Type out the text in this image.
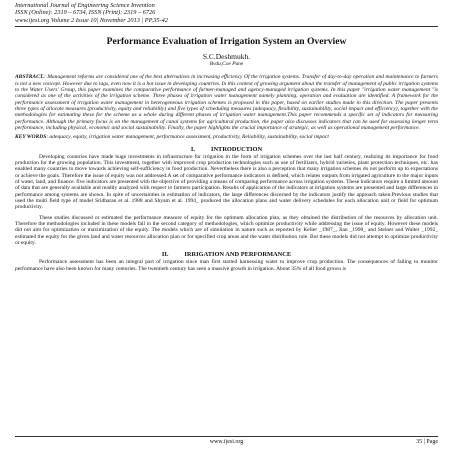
International Journal of Engineering Science Invention
ISSN (Online): 2319 – 6734, ISSN (Print): 2319 – 6726
www.ijesi.org Volume 2 Issue 10| November 2013 | PP.35-42
Performance Evaluation of Irrigation System an Overview
S.C.Deshmukh.
Bvdu,Coe Pune
ABSTRACT.: Management reforms are considered one of the best alternatives in increasing efficiency Of the irrigation systems. Transfer of day-to-day operation and maintenance to farmers is not a new concept. However due to lags, even now it is a hot issue in developing countries. In this context of growing argument about the transfer of management of public irrigation systems to the Water Users' Group, this paper examines the comparative performance of farmer-managed and agency-managed irrigation systems. In this paper "irrigation water management "is considered as one of the activities of the irrigation scheme. Three phases of irrigation water management namely planning, operation and evaluation are identified. A framework for the performance assessment of irrigation water management in heterogeneous irrigation schemes is proposed in this paper, based on earlier studies made in this direction. The paper presents three types of allocate measures (productivity, equity and reliability) and five types of scheduling measures (adequacy, flexibility, sustainability, social impact and efficiency), together with the methodologies for estimating these for the scheme as a whole during different phases of irrigation water management.This paper recommends a specific set of indicators for measuring performance. Although the primary focus is on the management of canal systems for agricultural production, the paper also discusses indicators that can be used for assessing longer term performance, including physical, economic and social sustainability. Finally, the paper highlights the crucial importance of strategic, as well as operational management performance.
KEY WORDS: adequacy, equity, irrigation water management, performance assessment, productivity, Reliability, sustainability, social impact
I.          INTRODUCTION
Developing countries have made huge investments in infrastructure for irrigation in the form of irrigation schemes over the last half century, realizing its importance for food production for the growing population. This investment, together with improved crop production technologies such as use of fertilizers, hybrid varieties, plant protection techniques, etc. has enabled many countries to move towards achieving self-sufficiency in food production. Nevertheless there is also a perception that many irrigation schemes do not perform up to expectations or achieve the goals. Therefore the issue of equity was not addressed.A set of comparative performance indicators is defined, which relates outputs from irrigated agriculture to the major inputs of water, land, and finance. five indicators are presented with the objective of providing a means of comparing performance across irrigation systems. These indicators require a limited amount of data that are generally available and readily analyzed with respect to farmers participation. Results of application of the indicators at irrigation systems are presented and large differences in performance among systems are shown. In spite of uncertainties in estimation of indicators, the large differences discerned by the indicators justify the approach taken.Previous studies that used the multi field type of model Sridharan et al. 1988 and Shyam et al. 1994_ produced the allocation plans and water delivery schedules for each allocation unit or field for optimum productivity.
These studies discussed or estimated the performance measure of equity for the optimum allocation plan, as they obtained the distribution of the resources by allocation unit. Therefore the methodologies included in these models fall in the second category of methodologies, which optimize productivity while addressing the issue of equity. However these models did not aim for optimization or maximization of the equity. The models which are of simulation in nature such as reported by Keller _1987_, Jian _1990_ and Steiner and Walter _1992_ estimated the equity for the given land and water resources allocation plan or for specified crop areas and the water distribution rule. But these models did not attempt to optimize productivity or equity.
II.          IRRIGATION AND PERFORMANCE
Performance assessment has been an integral part of irrigation since man first started harnessing water to improve crop production. The consequences of failing to monitor performance have also been known for many centuries. The twentieth century has seen a massive growth in irrigation. About 35% of all food grown is
www.ijesi.org	35 | Page
